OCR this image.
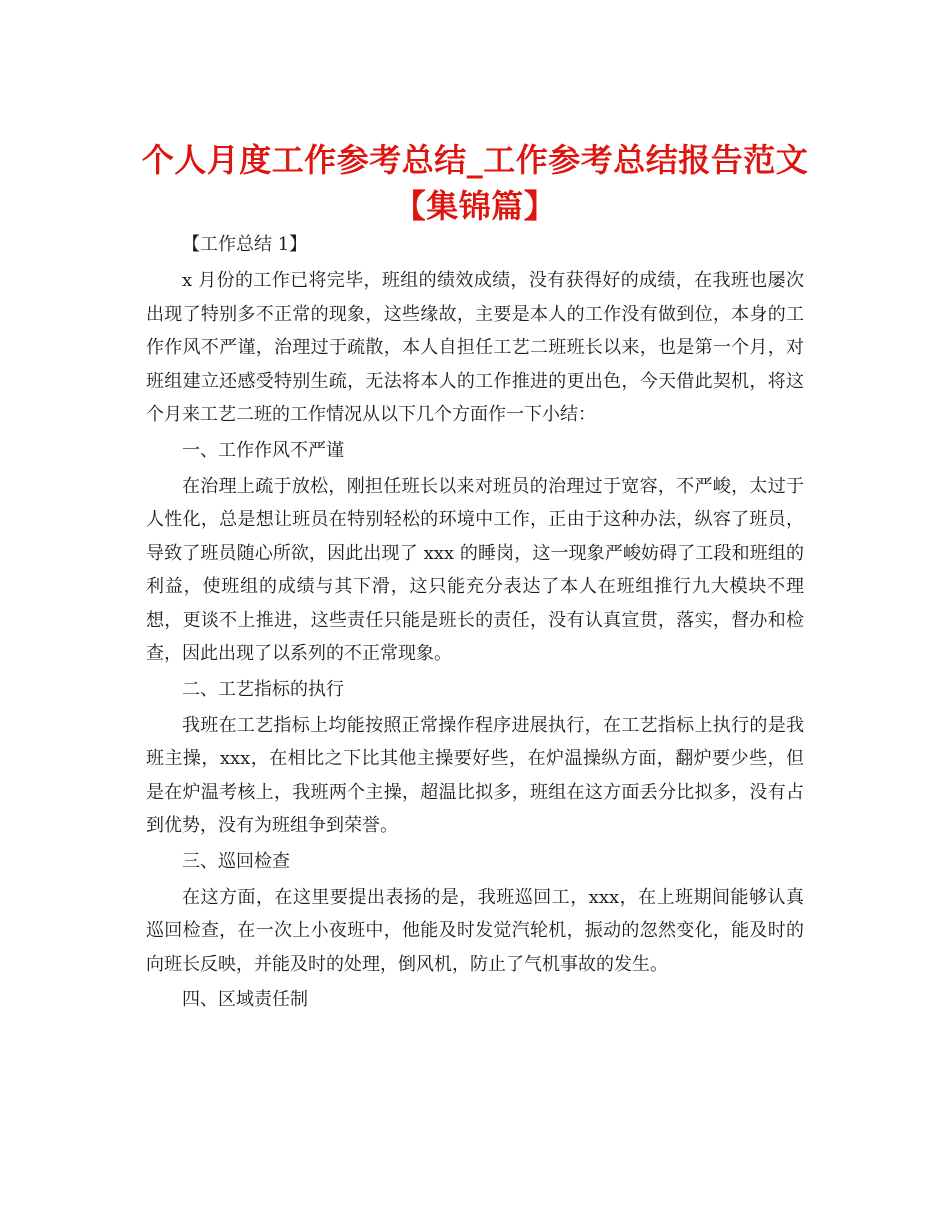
个人月度工作参考总结_工作参考总结报告范文【集锦篇】

【工作总结 1】

x 月份的工作已将完毕，班组的绩效成绩，没有获得好的成绩，在我班也屡次出现了特别多不正常的现象，这些缘故，主要是本人的工作没有做到位，本身的工作作风不严谨，治理过于疏散，本人自担任工艺二班班长以来，也是第一个月，对班组建立还感受特别生疏，无法将本人的工作推进的更出色，今天借此契机，将这个月来工艺二班的工作情况从以下几个方面作一下小结：

一、工作作风不严谨

在治理上疏于放松，刚担任班长以来对班员的治理过于宽容，不严峻，太过于人性化，总是想让班员在特别轻松的环境中工作，正由于这种办法，纵容了班员，导致了班员随心所欲，因此出现了 xxx 的睡岗，这一现象严峻妨碍了工段和班组的利益，使班组的成绩与其下滑，这只能充分表达了本人在班组推行九大模块不理想，更谈不上推进，这些责任只能是班长的责任，没有认真宣贯，落实，督办和检查，因此出现了以系列的不正常现象。

二、工艺指标的执行

我班在工艺指标上均能按照正常操作程序进展执行，在工艺指标上执行的是我班主操，xxx，在相比之下比其他主操要好些，在炉温操纵方面，翻炉要少些，但是在炉温考核上，我班两个主操，超温比拟多，班组在这方面丢分比拟多，没有占到优势，没有为班组争到荣誉。

三、巡回检查

在这方面，在这里要提出表扬的是，我班巡回工，xxx，在上班期间能够认真巡回检查，在一次上小夜班中，他能及时发觉汽轮机，振动的忽然变化，能及时的向班长反映，并能及时的处理，倒风机，防止了气机事故的发生。

四、区域责任制
